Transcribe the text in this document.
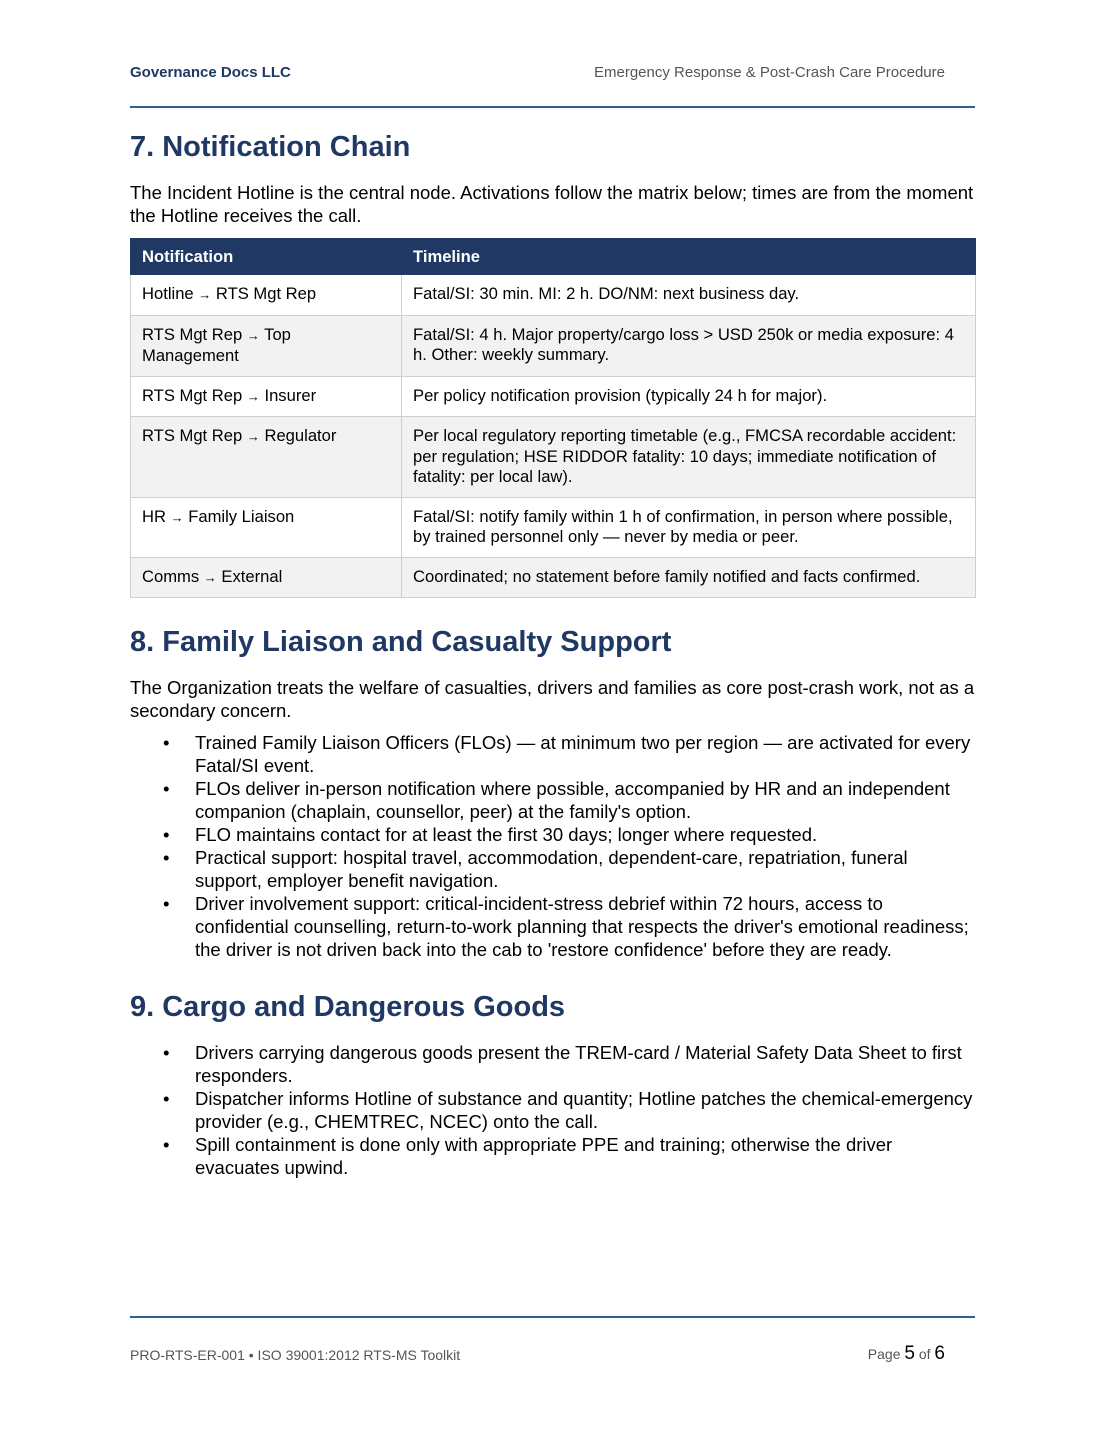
Governance Docs LLC	Emergency Response & Post-Crash Care Procedure
7. Notification Chain

The Incident Hotline is the central node. Activations follow the matrix below; times are from the moment the Hotline receives the call.

Notification	Timeline
Hotline → RTS Mgt Rep	Fatal/SI: 30 min. MI: 2 h. DO/NM: next business day.
RTS Mgt Rep → Top Management	Fatal/SI: 4 h. Major property/cargo loss > USD 250k or media exposure: 4 h. Other: weekly summary.
RTS Mgt Rep → Insurer	Per policy notification provision (typically 24 h for major).
RTS Mgt Rep → Regulator	Per local regulatory reporting timetable (e.g., FMCSA recordable accident: per regulation; HSE RIDDOR fatality: 10 days; immediate notification of fatality: per local law).
HR → Family Liaison	Fatal/SI: notify family within 1 h of confirmation, in person where possible, by trained personnel only — never by media or peer.
Comms → External	Coordinated; no statement before family notified and facts confirmed.
8. Family Liaison and Casualty Support

The Organization treats the welfare of casualties, drivers and families as core post-crash work, not as a secondary concern.

• Trained Family Liaison Officers (FLOs) — at minimum two per region — are activated for every Fatal/SI event.
• FLOs deliver in-person notification where possible, accompanied by HR and an independent companion (chaplain, counsellor, peer) at the family's option.
• FLO maintains contact for at least the first 30 days; longer where requested.
• Practical support: hospital travel, accommodation, dependent-care, repatriation, funeral support, employer benefit navigation.
• Driver involvement support: critical-incident-stress debrief within 72 hours, access to confidential counselling, return-to-work planning that respects the driver's emotional readiness; the driver is not driven back into the cab to 'restore confidence' before they are ready.
9. Cargo and Dangerous Goods
• Drivers carrying dangerous goods present the TREM-card / Material Safety Data Sheet to first responders.
• Dispatcher informs Hotline of substance and quantity; Hotline patches the chemical-emergency provider (e.g., CHEMTREC, NCEC) onto the call.
• Spill containment is done only with appropriate PPE and training; otherwise the driver evacuates upwind.
PRO-RTS-ER-001 • ISO 39001:2012 RTS-MS Toolkit	Page 5 of 6
